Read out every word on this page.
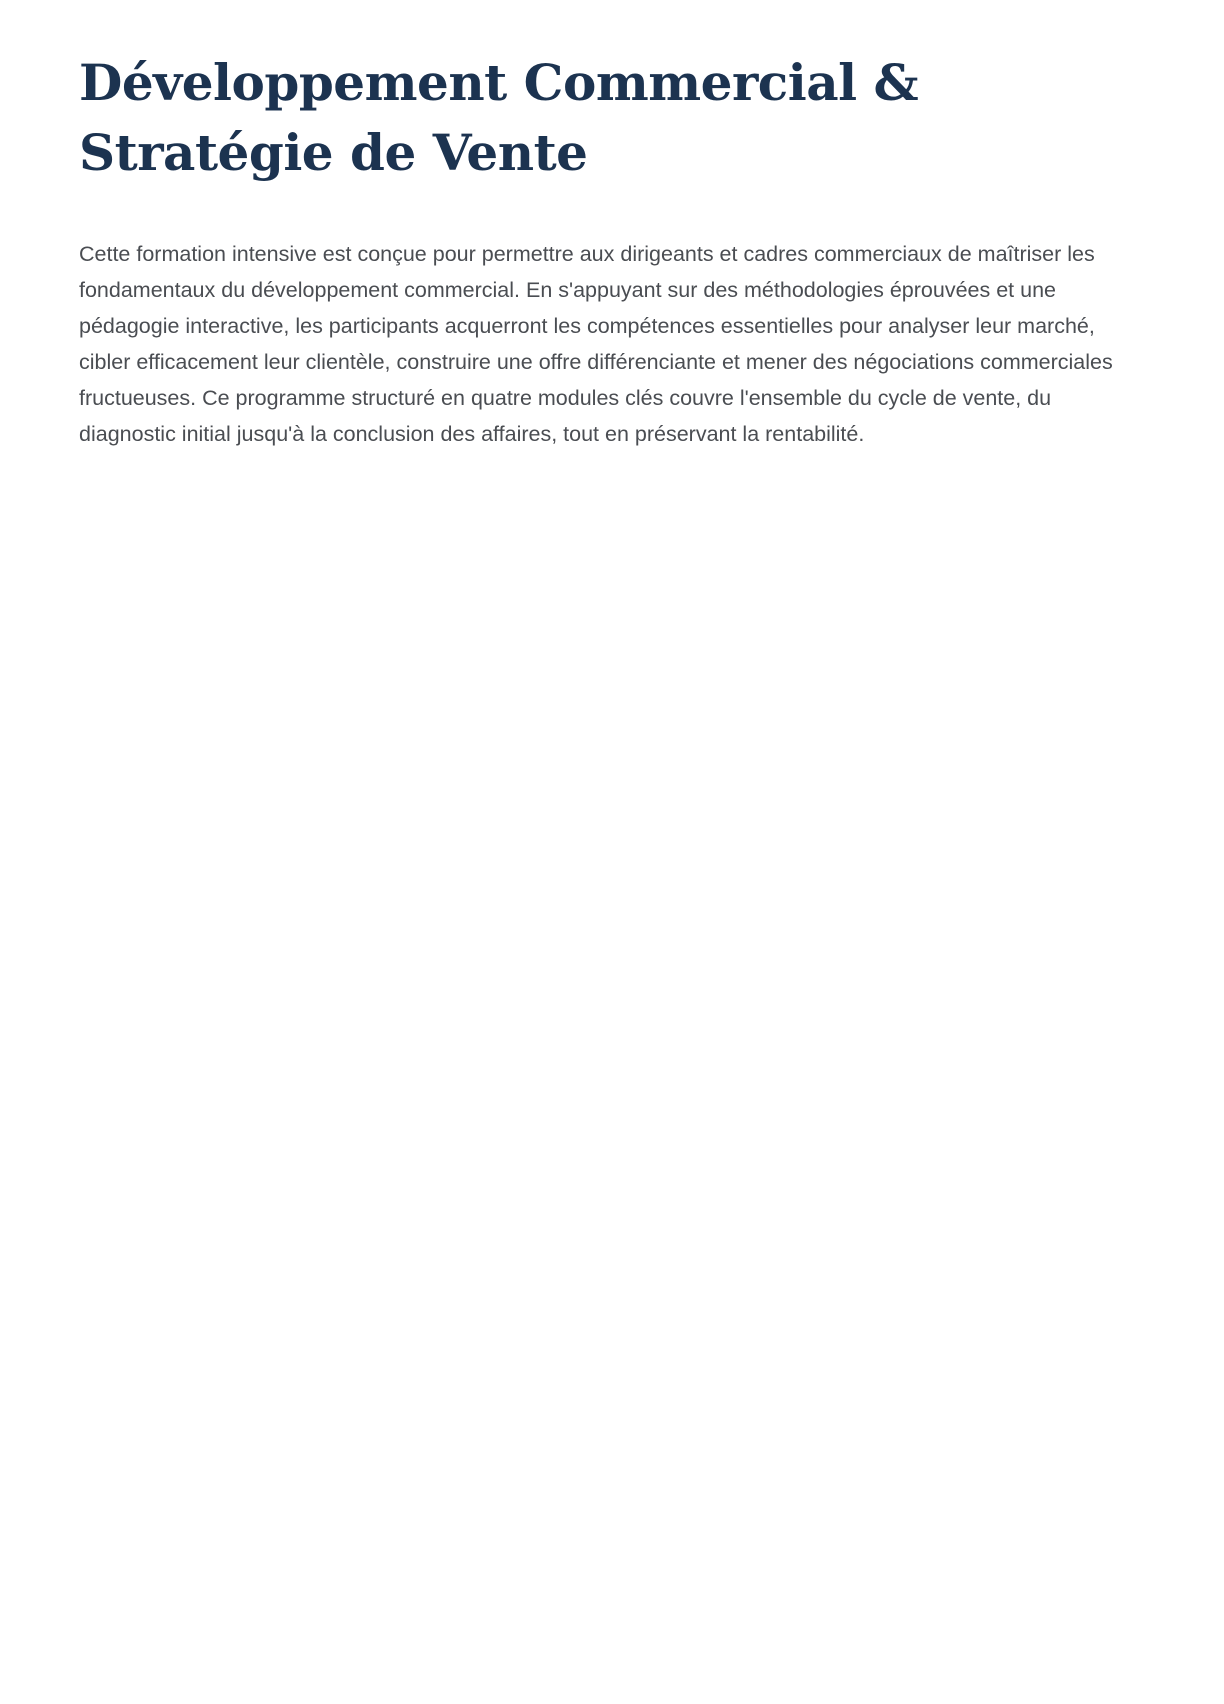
Développement Commercial & Stratégie de Vente

Cette formation intensive est conçue pour permettre aux dirigeants et cadres commerciaux de maîtriser les fondamentaux du développement commercial. En s'appuyant sur des méthodologies éprouvées et une pédagogie interactive, les participants acquerront les compétences essentielles pour analyser leur marché, cibler efficacement leur clientèle, construire une offre différenciante et mener des négociations commerciales fructueuses. Ce programme structuré en quatre modules clés couvre l'ensemble du cycle de vente, du diagnostic initial jusqu'à la conclusion des affaires, tout en préservant la rentabilité.
